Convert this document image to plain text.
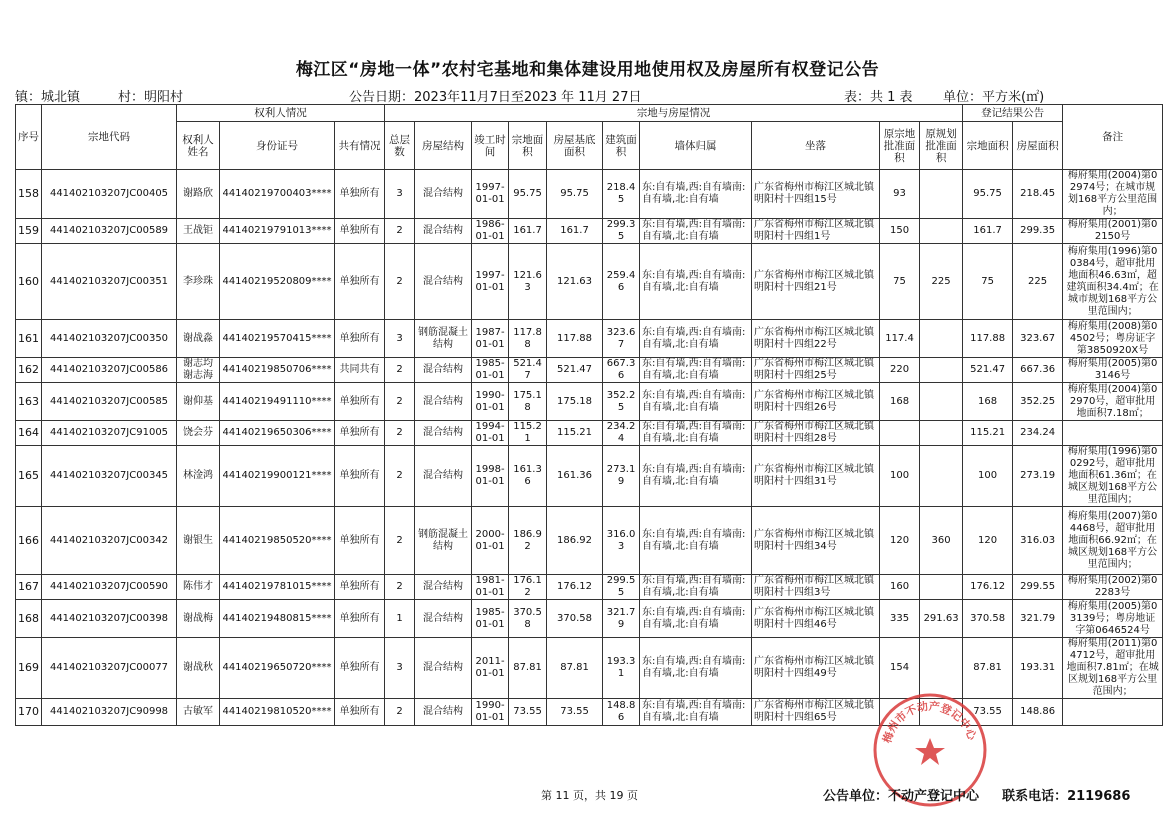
梅江区“房地一体”农村宅基地和集体建设用地使用权及房屋所有权登记公告
镇：城北镇	村：明阳村	公告日期：2023年11月7日至2023 年 11月 27日	表：共 1 表 单位：平方米(㎡)
序号	宗地代码	权利人情况			宗地与房屋情况										登记结果公告		备注
		权利人姓名	身份证号	共有情况	总层数	房屋结构	竣工时间	宗地面积	房屋基底面积	建筑面积	墙体归属	坐落	原宗地批准面积	原规划批准面积	宗地面积	房屋面积	
158	441402103207JC00405	谢路欣	44140219700403****	单独所有	3	混合结构	1997-01-01	95.75	95.75	218.45	东:自有墙,西:自有墙南:自有墙,北:自有墙	广东省梅州市梅江区城北镇明阳村十四组15号	93		95.75	218.45	梅府集用(2004)第02974号；在城市规划168平方公里范围内；
159	441402103207JC00589	王战钜	44140219791013****	单独所有	2	混合结构	1986-01-01	161.7	161.7	299.35	东:自有墙,西:自有墙南:自有墙,北:自有墙	广东省梅州市梅江区城北镇明阳村十四组1号	150		161.7	299.35	梅府集用(2001)第02150号
160	441402103207JC00351	李珍珠	44140219520809****	单独所有	2	混合结构	1997-01-01	121.63	121.63	259.46	东:自有墙,西:自有墙南:自有墙,北:自有墙	广东省梅州市梅江区城北镇明阳村十四组21号	75	225	75	225	梅府集用(1996)第00384号，超审批用地面积46.63㎡，超建筑面积34.4㎡；在城市规划168平方公里范围内；
161	441402103207JC00350	谢战淼	44140219570415****	单独所有	3	钢筋混凝土结构	1987-01-01	117.88	117.88	323.67	东:自有墙,西:自有墙南:自有墙,北:自有墙	广东省梅州市梅江区城北镇明阳村十四组22号	117.4		117.88	323.67	梅府集用(2008)第04502号；粤房证字第3850920X号
162	441402103207JC00586	谢志均谢志海	44140219850706****	共同共有	2	混合结构	1985-01-01	521.47	521.47	667.36	东:自有墙,西:自有墙南:自有墙,北:自有墙	广东省梅州市梅江区城北镇明阳村十四组25号	220		521.47	667.36	梅府集用(2005)第03146号
163	441402103207JC00585	谢仰基	44140219491110****	单独所有	2	混合结构	1990-01-01	175.18	175.18	352.25	东:自有墙,西:自有墙南:自有墙,北:自有墙	广东省梅州市梅江区城北镇明阳村十四组26号	168		168	352.25	梅府集用(2004)第02970号，超审批用地面积7.18㎡；
164	441402103207JC91005	饶会芬	44140219650306****	单独所有	2	混合结构	1994-01-01	115.21	115.21	234.24	东:自有墙,西:自有墙南:自有墙,北:自有墙	广东省梅州市梅江区城北镇明阳村十四组28号			115.21	234.24	
165	441402103207JC00345	林淦鸿	44140219900121****	单独所有	2	混合结构	1998-01-01	161.36	161.36	273.19	东:自有墙,西:自有墙南:自有墙,北:自有墙	广东省梅州市梅江区城北镇明阳村十四组31号	100		100	273.19	梅府集用(1996)第00292号，超审批用地面积61.36㎡；在城区规划168平方公里范围内；
166	441402103207JC00342	谢银生	44140219850520****	单独所有	2	钢筋混凝土结构	2000-01-01	186.92	186.92	316.03	东:自有墙,西:自有墙南:自有墙,北:自有墙	广东省梅州市梅江区城北镇明阳村十四组34号	120	360	120	316.03	梅府集用(2007)第04468号，超审批用地面积66.92㎡；在城区规划168平方公里范围内；
167	441402103207JC00590	陈伟才	44140219781015****	单独所有	2	混合结构	1981-01-01	176.12	176.12	299.55	东:自有墙,西:自有墙南:自有墙,北:自有墙	广东省梅州市梅江区城北镇明阳村十四组3号	160		176.12	299.55	梅府集用(2002)第02283号
168	441402103207JC00398	谢战梅	44140219480815****	单独所有	1	混合结构	1985-01-01	370.58	370.58	321.79	东:自有墙,西:自有墙南:自有墙,北:自有墙	广东省梅州市梅江区城北镇明阳村十四组46号	335	291.63	370.58	321.79	梅府集用(2005)第03139号；粤房地证字第0646524号
169	441402103207JC00077	谢战秋	44140219650720****	单独所有	3	混合结构	2011-01-01	87.81	87.81	193.31	东:自有墙,西:自有墙南:自有墙,北:自有墙	广东省梅州市梅江区城北镇明阳村十四组49号	154		87.81	193.31	梅府集用(2011)第04712号，超审批用地面积7.81㎡；在城区规划168平方公里范围内；
170	441402103207JC90998	古敏军	44140219810520****	单独所有	2	混合结构	1990-01-01	73.55	73.55	148.86	东:自有墙,西:自有墙南:自有墙,北:自有墙	广东省梅州市梅江区城北镇明阳村十四组65号			73.55	148.86	
梅州市不动产登记中心
第 11 页，共 19 页	公告单位：不动产登记中心 联系电话：2119686
